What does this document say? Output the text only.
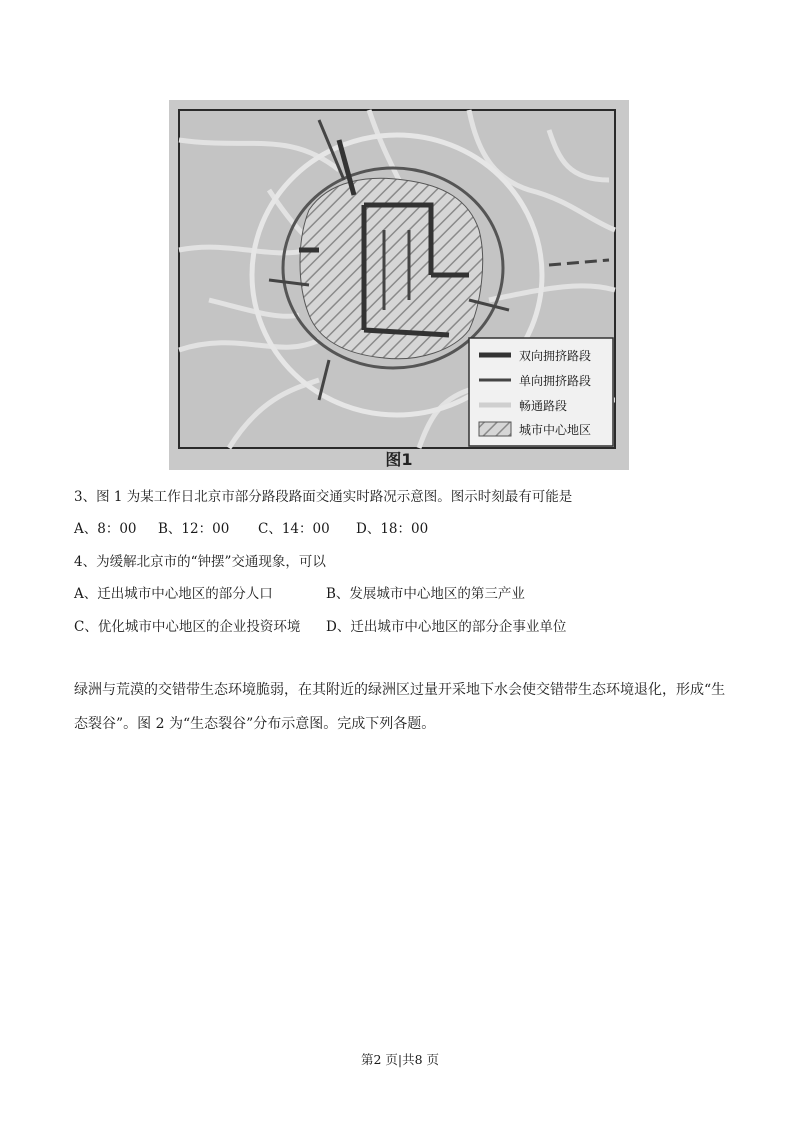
双向拥挤路段
单向拥挤路段
畅通路段
城市中心地区
图1
3、图 1 为某工作日北京市部分路段路面交通实时路况示意图。图示时刻最有可能是
A、8：00 B、12：00 C、14：00 D、18：00
4、为缓解北京市的“钟摆”交通现象，可以
A、迁出城市中心地区的部分人口	B、发展城市中心地区的第三产业
C、优化城市中心地区的企业投资环境 D、迁出城市中心地区的部分企事业单位
绿洲与荒漠的交错带生态环境脆弱，在其附近的绿洲区过量开采地下水会使交错带生态环境退化，形成“生
态裂谷”。图 2 为“生态裂谷”分布示意图。完成下列各题。
第2 页|共8 页
